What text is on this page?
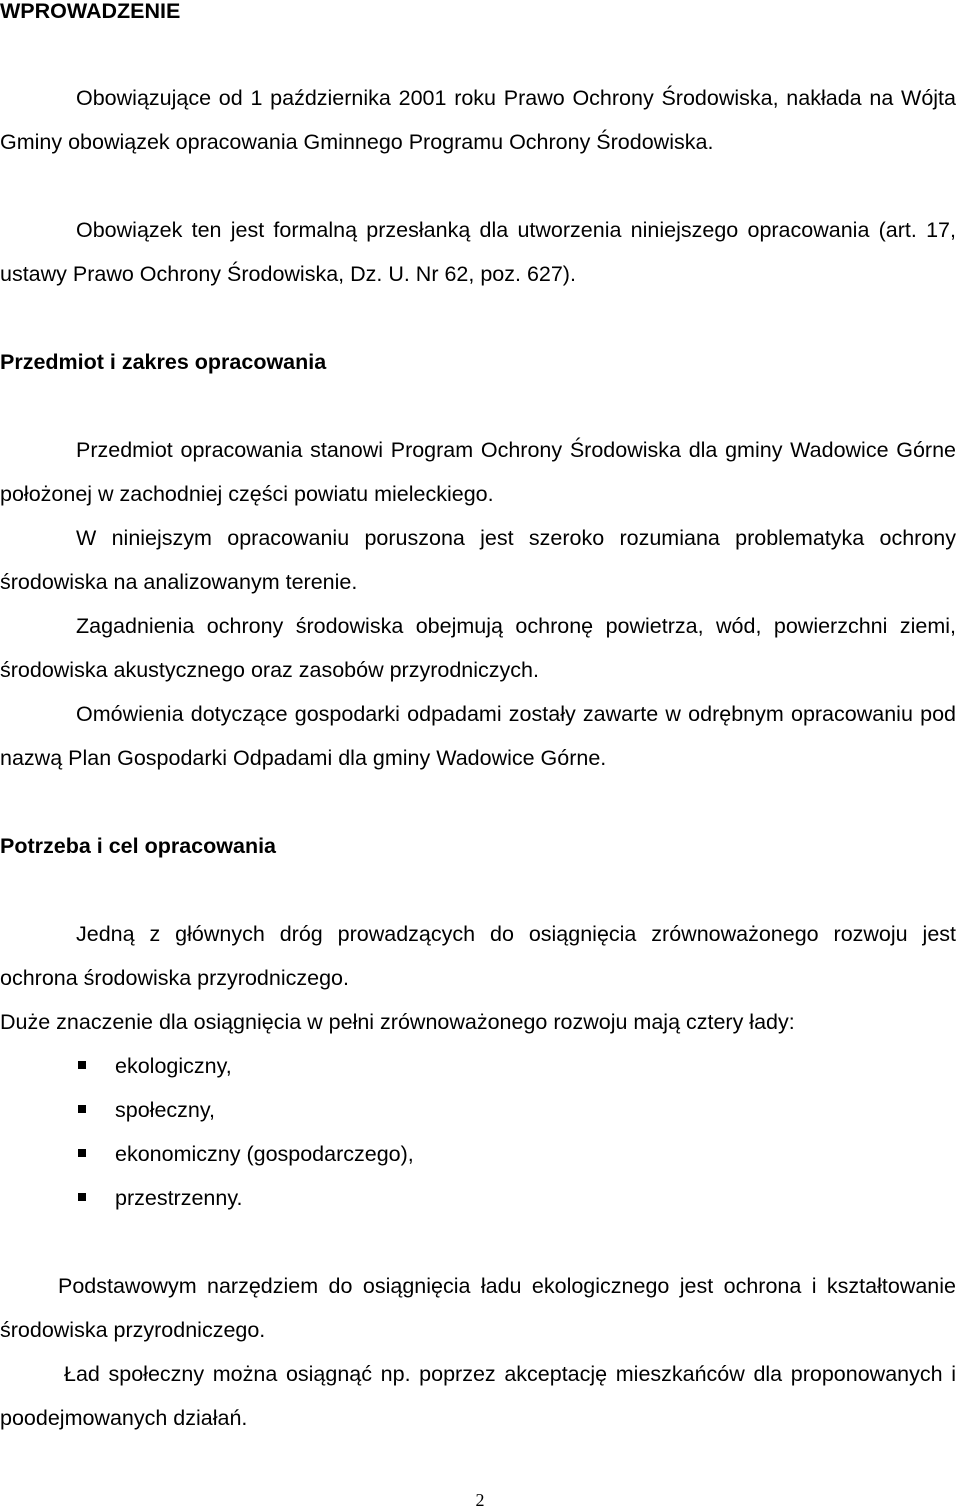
WPROWADZENIE

Obowiązujące od 1 października 2001 roku Prawo Ochrony Środowiska, nakłada na Wójta Gminy obowiązek opracowania Gminnego Programu Ochrony Środowiska.

Obowiązek ten jest formalną przesłanką dla utworzenia niniejszego opracowania (art. 17, ustawy Prawo Ochrony Środowiska, Dz. U. Nr 62, poz. 627).

Przedmiot i zakres opracowania

Przedmiot opracowania stanowi Program Ochrony Środowiska dla gminy Wadowice Górne położonej w zachodniej części powiatu mieleckiego.

W niniejszym opracowaniu poruszona jest szeroko rozumiana problematyka ochrony środowiska na analizowanym terenie.

Zagadnienia ochrony środowiska obejmują ochronę powietrza, wód, powierzchni ziemi, środowiska akustycznego oraz zasobów przyrodniczych.

Omówienia dotyczące gospodarki odpadami zostały zawarte w odrębnym opracowaniu pod nazwą Plan Gospodarki Odpadami dla gminy Wadowice Górne.

Potrzeba i cel opracowania

Jedną z głównych dróg prowadzących do osiągnięcia zrównoważonego rozwoju jest ochrona środowiska przyrodniczego.

Duże znaczenie dla osiągnięcia w pełni zrównoważonego rozwoju mają cztery łady:

ekologiczny,
społeczny,
ekonomiczny (gospodarczego),
przestrzenny.

Podstawowym narzędziem do osiągnięcia ładu ekologicznego jest ochrona i kształtowanie środowiska przyrodniczego.

Ład społeczny można osiągnąć np. poprzez akceptację mieszkańców dla proponowanych i poodejmowanych działań.

2
